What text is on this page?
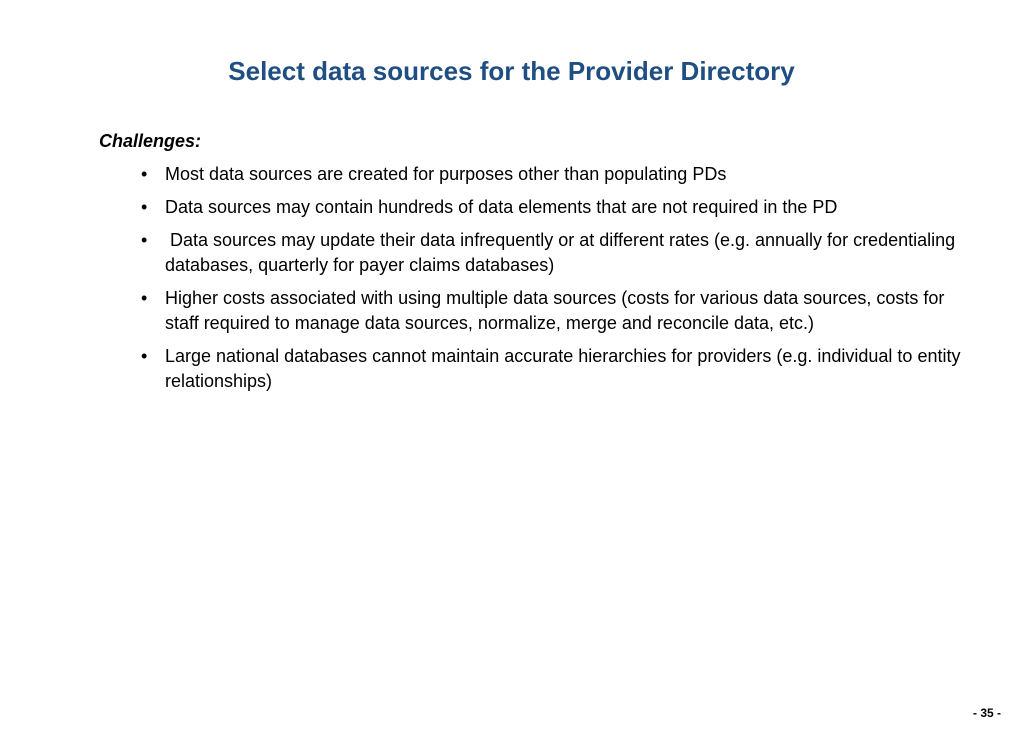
Select data sources for the Provider Directory

Challenges:

• Most data sources are created for purposes other than populating PDs
• Data sources may contain hundreds of data elements that are not required in the PD
• Data sources may update their data infrequently or at different rates (e.g. annually for credentialing databases, quarterly for payer claims databases)
• Higher costs associated with using multiple data sources (costs for various data sources, costs for staff required to manage data sources, normalize, merge and reconcile data, etc.)
• Large national databases cannot maintain accurate hierarchies for providers (e.g. individual to entity relationships)
- 35 -
